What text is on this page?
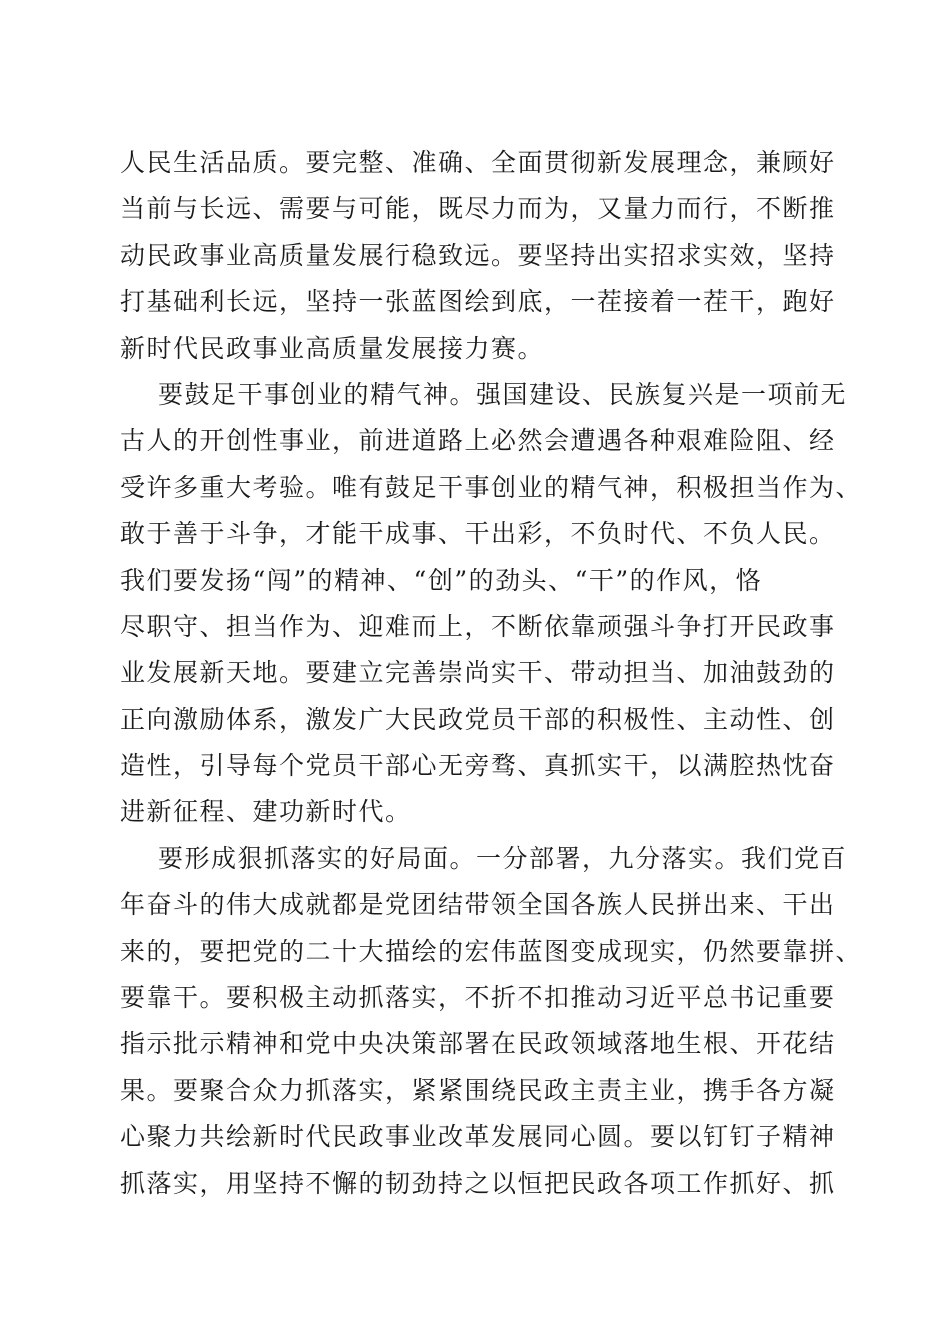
人民生活品质。要完整、准确、全面贯彻新发展理念，兼顾好
当前与长远、需要与可能，既尽力而为，又量力而行，不断推
动民政事业高质量发展行稳致远。要坚持出实招求实效，坚持
打基础利长远，坚持一张蓝图绘到底，一茬接着一茬干，跑好
新时代民政事业高质量发展接力赛。
要鼓足干事创业的精气神。强国建设、民族复兴是一项前无
古人的开创性事业，前进道路上必然会遭遇各种艰难险阻、经
受许多重大考验。唯有鼓足干事创业的精气神，积极担当作为、
敢于善于斗争，才能干成事、干出彩，不负时代、不负人民。
我们要发扬“闯”的精神、“创”的劲头、“干”的作风，恪
尽职守、担当作为、迎难而上，不断依靠顽强斗争打开民政事
业发展新天地。要建立完善崇尚实干、带动担当、加油鼓劲的
正向激励体系，激发广大民政党员干部的积极性、主动性、创
造性，引导每个党员干部心无旁骛、真抓实干，以满腔热忱奋
进新征程、建功新时代。
要形成狠抓落实的好局面。一分部署，九分落实。我们党百
年奋斗的伟大成就都是党团结带领全国各族人民拼出来、干出
来的，要把党的二十大描绘的宏伟蓝图变成现实，仍然要靠拼、
要靠干。要积极主动抓落实，不折不扣推动习近平总书记重要
指示批示精神和党中央决策部署在民政领域落地生根、开花结
果。要聚合众力抓落实，紧紧围绕民政主责主业，携手各方凝
心聚力共绘新时代民政事业改革发展同心圆。要以钉钉子精神
抓落实，用坚持不懈的韧劲持之以恒把民政各项工作抓好、抓
